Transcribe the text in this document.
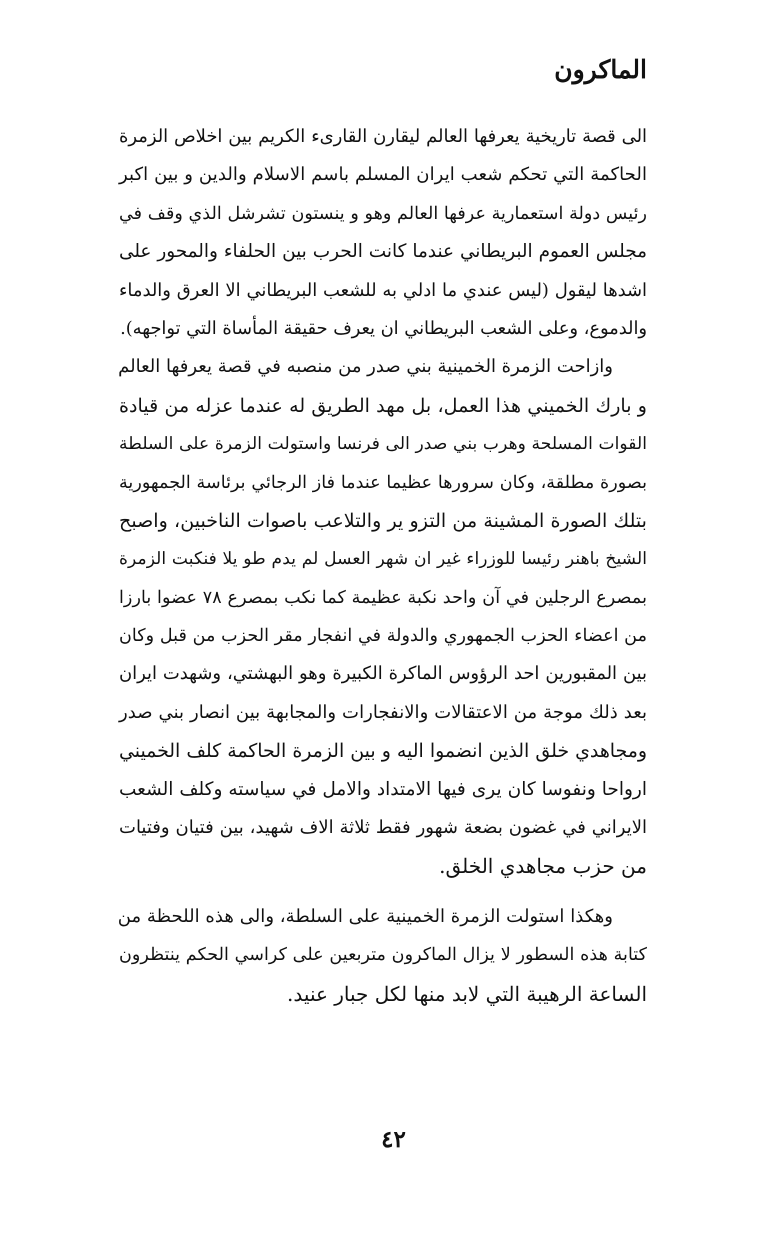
الماكرون
الى قصة تاريخية يعرفها العالم ليقارن القارىء الكريم بين اخلاص الزمرة
الحاكمة التي تحكم شعب ايران المسلم باسم الاسلام والدين و بين اكبر
رئيس دولة استعمارية عرفها العالم وهو و ينستون تشرشل الذي وقف في
مجلس العموم البريطاني عندما كانت الحرب بين الحلفاء والمحور على
اشدها ليقول (ليس عندي ما ادلي به للشعب البريطاني الا العرق والدماء
والدموع، وعلى الشعب البريطاني ان يعرف حقيقة المأساة التي تواجهه).
وازاحت الزمرة الخمينية بني صدر من منصبه في قصة يعرفها العالم
و بارك الخميني هذا العمل، بل مهد الطريق له عندما عزله من قيادة
القوات المسلحة وهرب بني صدر الى فرنسا واستولت الزمرة على السلطة
بصورة مطلقة، وكان سرورها عظيما عندما فاز الرجائي برئاسة الجمهورية
بتلك الصورة المشينة من التزو ير والتلاعب باصوات الناخبين، واصبح
الشيخ باهنر رئيسا للوزراء غير ان شهر العسل لم يدم طو يلا فنكبت الزمرة
بمصرع الرجلين في آن واحد نكبة عظيمة كما نكب بمصرع ٧٨ عضوا بارزا
من اعضاء الحزب الجمهوري والدولة في انفجار مقر الحزب من قبل وكان
بين المقبورين احد الرؤوس الماكرة الكبيرة وهو البهشتي، وشهدت ايران
بعد ذلك موجة من الاعتقالات والانفجارات والمجابهة بين انصار بني صدر
ومجاهدي خلق الذين انضموا اليه و بين الزمرة الحاكمة كلف الخميني
ارواحا ونفوسا كان يرى فيها الامتداد والامل في سياسته وكلف الشعب
الايراني في غضون بضعة شهور فقط ثلاثة الاف شهيد، بين فتيان وفتيات
من حزب مجاهدي الخلق.
وهكذا استولت الزمرة الخمينية على السلطة، والى هذه اللحظة من
كتابة هذه السطور لا يزال الماكرون متربعين على كراسي الحكم ينتظرون
الساعة الرهيبة التي لابد منها لكل جبار عنيد.
٤٢
